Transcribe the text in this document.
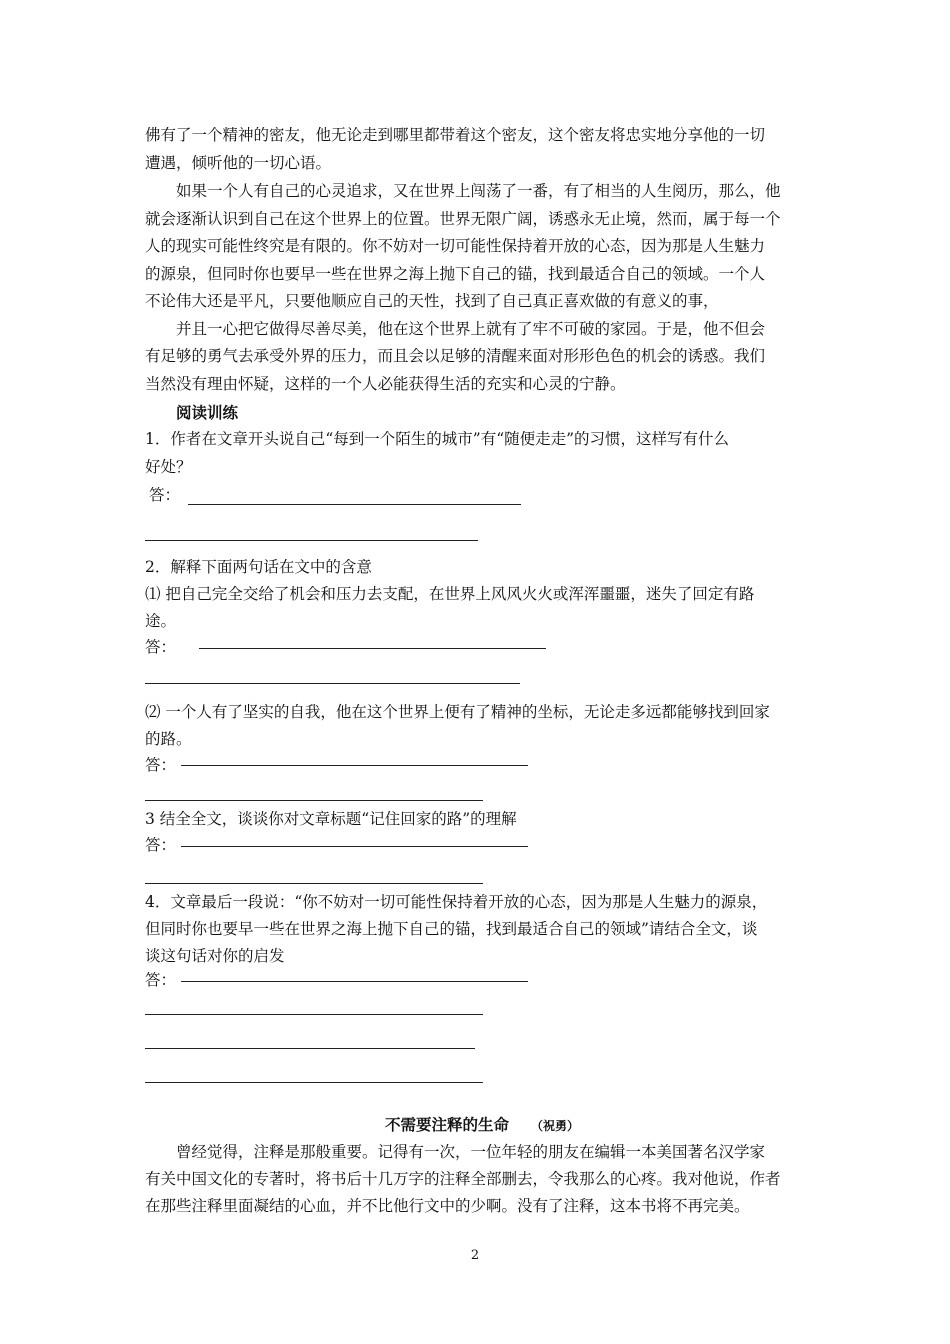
佛有了一个精神的密友，他无论走到哪里都带着这个密友，这个密友将忠实地分享他的一切
遭遇，倾听他的一切心语。
如果一个人有自己的心灵追求，又在世界上闯荡了一番，有了相当的人生阅历，那么，他
就会逐渐认识到自己在这个世界上的位置。世界无限广阔，诱惑永无止境，然而，属于每一个
人的现实可能性终究是有限的。你不妨对一切可能性保持着开放的心态，因为那是人生魅力
的源泉，但同时你也要早一些在世界之海上抛下自己的锚，找到最适合自己的领域。一个人
不论伟大还是平凡，只要他顺应自己的天性，找到了自己真正喜欢做的有意义的事，
并且一心把它做得尽善尽美，他在这个世界上就有了牢不可破的家园。于是，他不但会
有足够的勇气去承受外界的压力，而且会以足够的清醒来面对形形色色的机会的诱惑。我们
当然没有理由怀疑，这样的一个人必能获得生活的充实和心灵的宁静。
阅读训练
1．作者在文章开头说自己“每到一个陌生的城市”有“随便走走”的习惯，这样写有什么
好处？
答：
2．解释下面两句话在文中的含意
⑴ 把自己完全交给了机会和压力去支配，在世界上风风火火或浑浑噩噩，迷失了回定有路
途。
答：
⑵ 一个人有了坚实的自我，他在这个世界上便有了精神的坐标，无论走多远都能够找到回家
的路。
答：
3 结全全文，谈谈你对文章标题“记住回家的路”的理解
答：
4．文章最后一段说：“你不妨对一切可能性保持着开放的心态，因为那是人生魅力的源泉，
但同时你也要早一些在世界之海上抛下自己的锚，找到最适合自己的领域”请结合全文，谈
谈这句话对你的启发
答：
不需要注释的生命 （祝勇）
曾经觉得，注释是那般重要。记得有一次，一位年轻的朋友在编辑一本美国著名汉学家
有关中国文化的专著时，将书后十几万字的注释全部删去，令我那么的心疼。我对他说，作者
在那些注释里面凝结的心血，并不比他行文中的少啊。没有了注释，这本书将不再完美。
2
